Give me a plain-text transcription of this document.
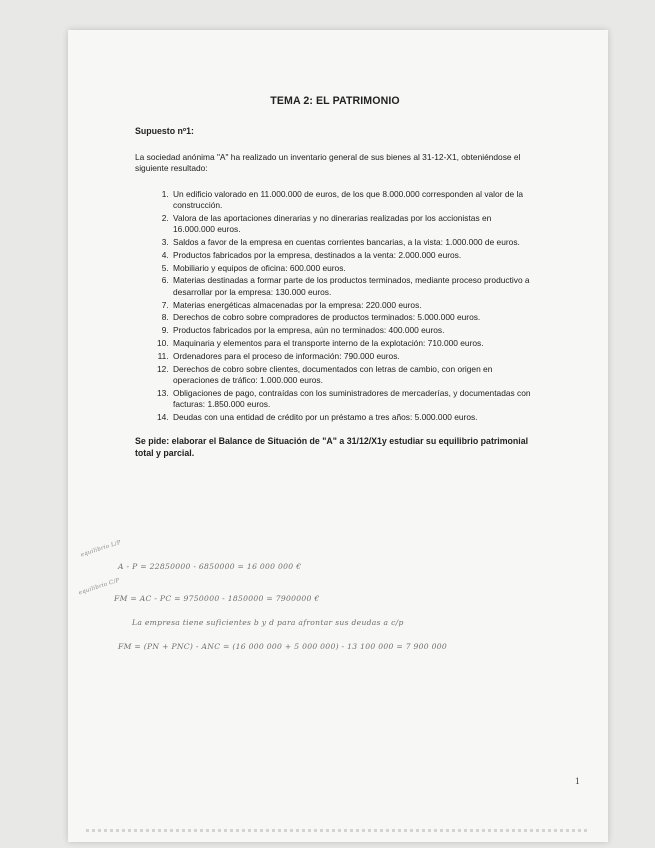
TEMA 2: EL PATRIMONIO
Supuesto nº1:
La sociedad anónima "A" ha realizado un inventario general de sus bienes al 31-12-X1, obteniéndose el siguiente resultado:
1. Un edificio valorado en 11.000.000 de euros, de los que 8.000.000 corresponden al valor de la construcción.
2. Valora de las aportaciones dinerarias y no dinerarias realizadas por los accionistas en 16.000.000 euros.
3. Saldos a favor de la empresa en cuentas corrientes bancarias, a la vista: 1.000.000 de euros.
4. Productos fabricados por la empresa, destinados a la venta: 2.000.000 euros.
5. Mobiliario y equipos de oficina: 600.000 euros.
6. Materias destinadas a formar parte de los productos terminados, mediante proceso productivo a desarrollar por la empresa: 130.000 euros.
7. Materias energéticas almacenadas por la empresa: 220.000 euros.
8. Derechos de cobro sobre compradores de productos terminados: 5.000.000 euros.
9. Productos fabricados por la empresa, aún no terminados: 400.000 euros.
10. Maquinaria y elementos para el transporte interno de la explotación: 710.000 euros.
11. Ordenadores para el proceso de información: 790.000 euros.
12. Derechos de cobro sobre clientes, documentados con letras de cambio, con origen en operaciones de tráfico: 1.000.000 euros.
13. Obligaciones de pago, contraídas con los suministradores de mercaderías, y documentadas con facturas: 1.850.000 euros.
14. Deudas con una entidad de crédito por un préstamo a tres años: 5.000.000 euros.
Se pide: elaborar el Balance de Situación de "A" a 31/12/X1y estudiar su equilibrio patrimonial total y parcial.
1
equilibrio L/P
A - P = 22850000 - 6850000 = 16 000 000 €
equilibrio C/P
FM = AC - PC = 9750000 - 1850000 = 7900000 €
La empresa tiene suficientes b y d para afrontar sus deudas a c/p
FM = (PN + PNC) - ANC = (16 000 000 + 5 000 000) - 13 100 000 = 7 900 000
